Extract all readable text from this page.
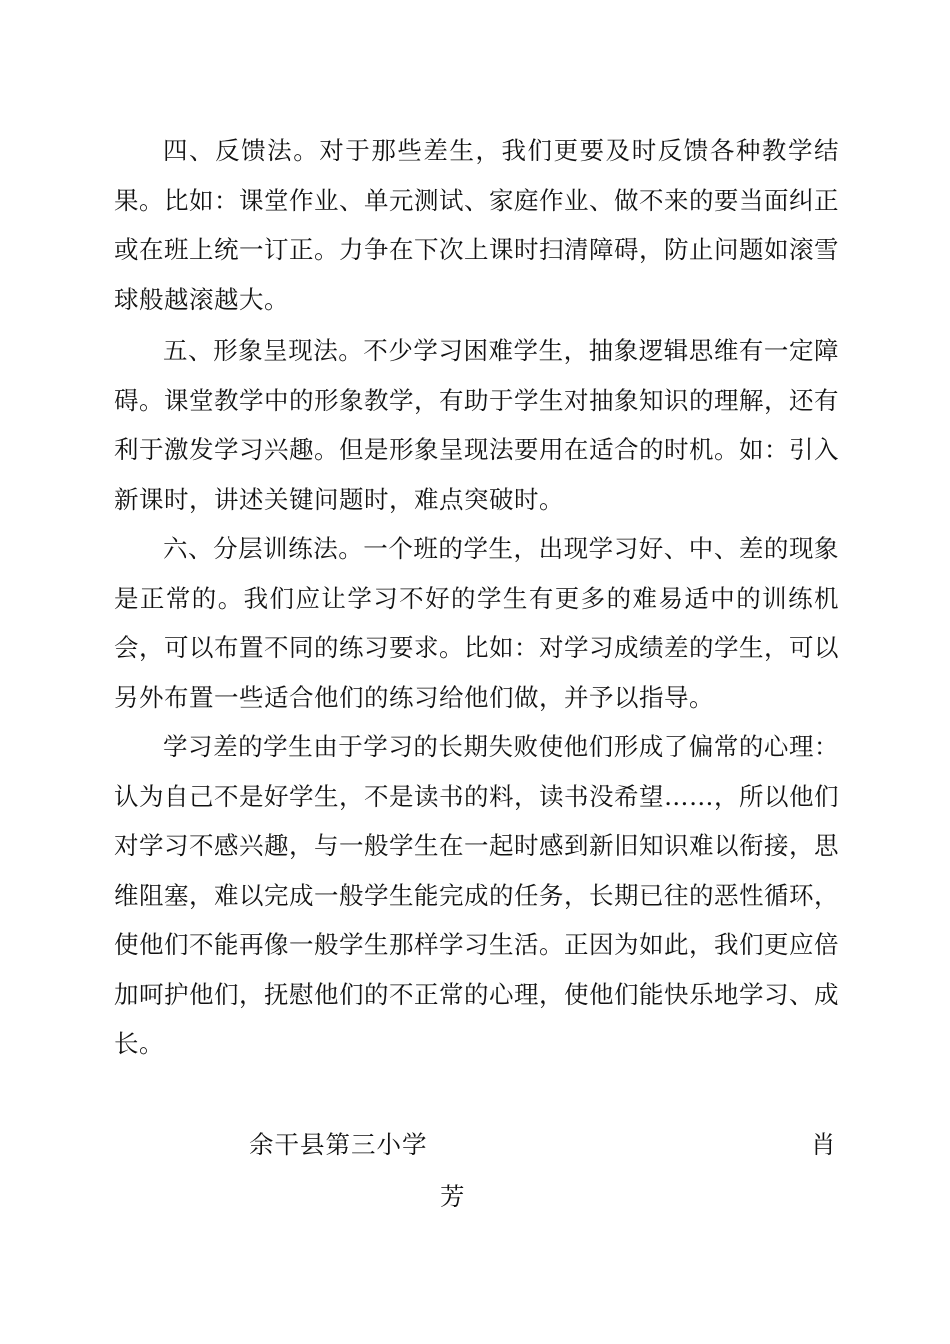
四、反馈法。对于那些差生，我们更要及时反馈各种教学结果。比如：课堂作业、单元测试、家庭作业、做不来的要当面纠正或在班上统一订正。力争在下次上课时扫清障碍，防止问题如滚雪球般越滚越大。

五、形象呈现法。不少学习困难学生，抽象逻辑思维有一定障碍。课堂教学中的形象教学，有助于学生对抽象知识的理解，还有利于激发学习兴趣。但是形象呈现法要用在适合的时机。如：引入新课时，讲述关键问题时，难点突破时。

六、分层训练法。一个班的学生，出现学习好、中、差的现象是正常的。我们应让学习不好的学生有更多的难易适中的训练机会，可以布置不同的练习要求。比如：对学习成绩差的学生，可以另外布置一些适合他们的练习给他们做，并予以指导。

学习差的学生由于学习的长期失败使他们形成了偏常的心理：认为自己不是好学生，不是读书的料，读书没希望……，所以他们对学习不感兴趣，与一般学生在一起时感到新旧知识难以衔接，思维阻塞，难以完成一般学生能完成的任务，长期已往的恶性循环，使他们不能再像一般学生那样学习生活。正因为如此，我们更应倍加呵护他们，抚慰他们的不正常的心理，使他们能快乐地学习、成长。

余干县第三小学	肖

芳
